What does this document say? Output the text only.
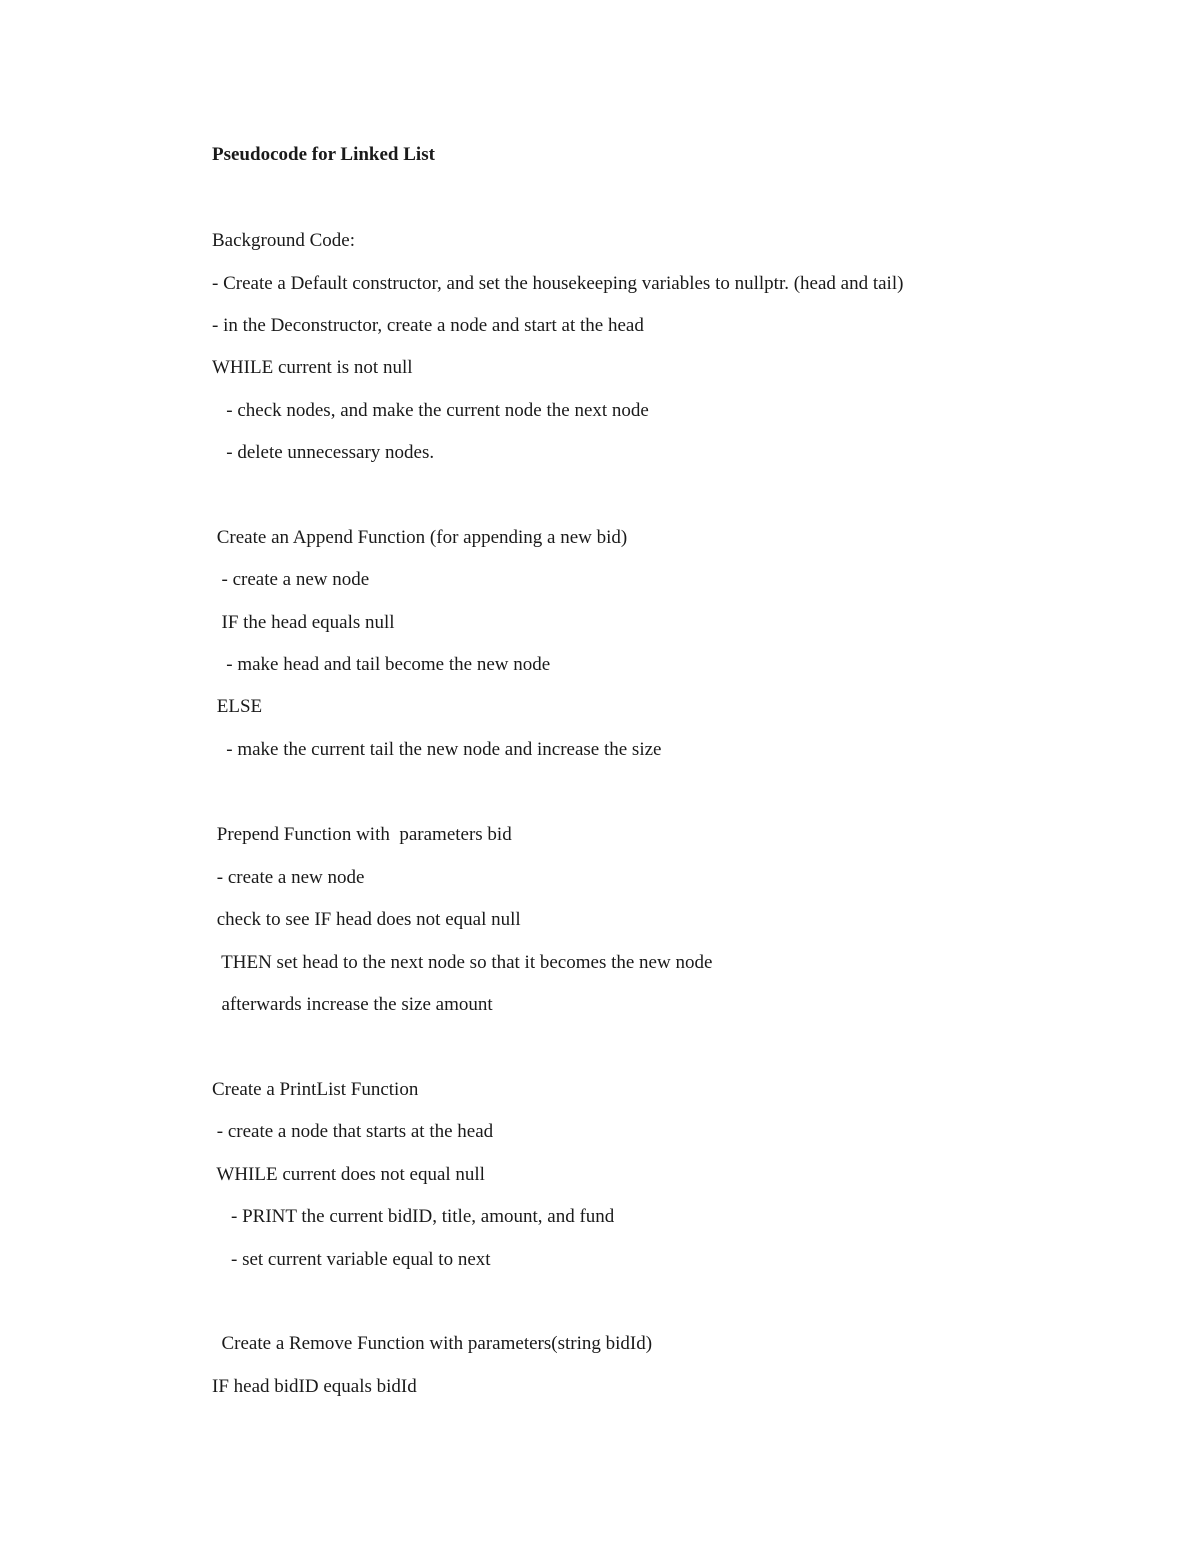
Pseudocode for Linked List
Background Code:
- Create a Default constructor, and set the housekeeping variables to nullptr. (head and tail)
- in the Deconstructor, create a node and start at the head
WHILE current is not null
- check nodes, and make the current node the next node
- delete unnecessary nodes.
Create an Append Function (for appending a new bid)
- create a new node
IF the head equals null
- make head and tail become the new node
ELSE
- make the current tail the new node and increase the size
Prepend Function with  parameters bid
- create a new node
check to see IF head does not equal null
THEN set head to the next node so that it becomes the new node
afterwards increase the size amount
Create a PrintList Function
- create a node that starts at the head
WHILE current does not equal null
- PRINT the current bidID, title, amount, and fund
- set current variable equal to next
Create a Remove Function with parameters(string bidId)
IF head bidID equals bidId
